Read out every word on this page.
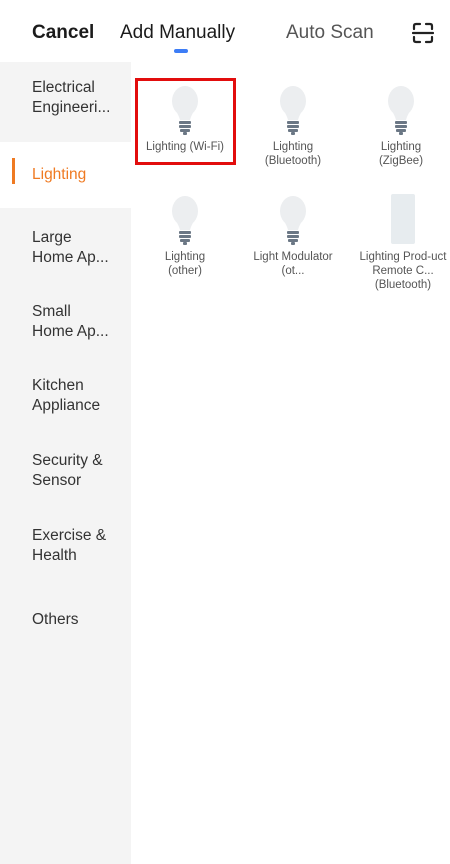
Cancel Add Manually	Auto Scan
Electrical Engineeri...
Lighting
Large Home Ap...
Small Home Ap...
Kitchen Appliance
Security & Sensor
Exercise & Health
Others
Lighting (Wi-Fi)	Lighting (Bluetooth)
Lighting (ZigBee)
Lighting (other)
Light Modulator (ot...
Lighting Prod-uct Remote C... (Bluetooth)
